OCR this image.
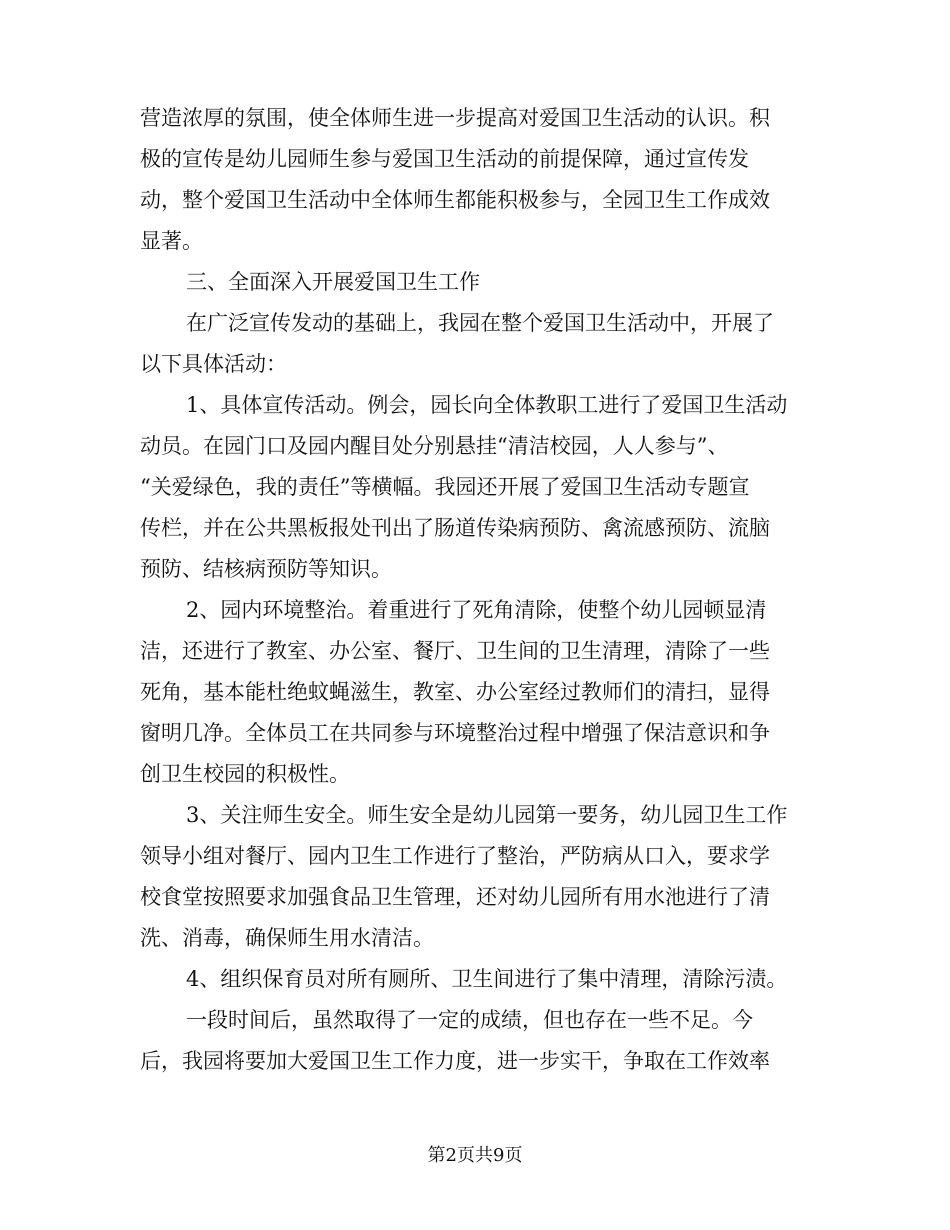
营造浓厚的氛围，使全体师生进一步提高对爱国卫生活动的认识。积
极的宣传是幼儿园师生参与爱国卫生活动的前提保障，通过宣传发
动，整个爱国卫生活动中全体师生都能积极参与，全园卫生工作成效
显著。
三、全面深入开展爱国卫生工作
在广泛宣传发动的基础上，我园在整个爱国卫生活动中，开展了
以下具体活动：
1、具体宣传活动。例会，园长向全体教职工进行了爱国卫生活动
动员。在园门口及园内醒目处分别悬挂“清洁校园，人人参与”、
“关爱绿色，我的责任”等横幅。我园还开展了爱国卫生活动专题宣
传栏，并在公共黑板报处刊出了肠道传染病预防、禽流感预防、流脑
预防、结核病预防等知识。
2、园内环境整治。着重进行了死角清除，使整个幼儿园顿显清
洁，还进行了教室、办公室、餐厅、卫生间的卫生清理，清除了一些
死角，基本能杜绝蚊蝇滋生，教室、办公室经过教师们的清扫，显得
窗明几净。全体员工在共同参与环境整治过程中增强了保洁意识和争
创卫生校园的积极性。
3、关注师生安全。师生安全是幼儿园第一要务，幼儿园卫生工作
领导小组对餐厅、园内卫生工作进行了整治，严防病从口入，要求学
校食堂按照要求加强食品卫生管理，还对幼儿园所有用水池进行了清
洗、消毒，确保师生用水清洁。
4、组织保育员对所有厕所、卫生间进行了集中清理，清除污渍。
一段时间后，虽然取得了一定的成绩，但也存在一些不足。今
后，我园将要加大爱国卫生工作力度，进一步实干，争取在工作效率
第2页共9页
